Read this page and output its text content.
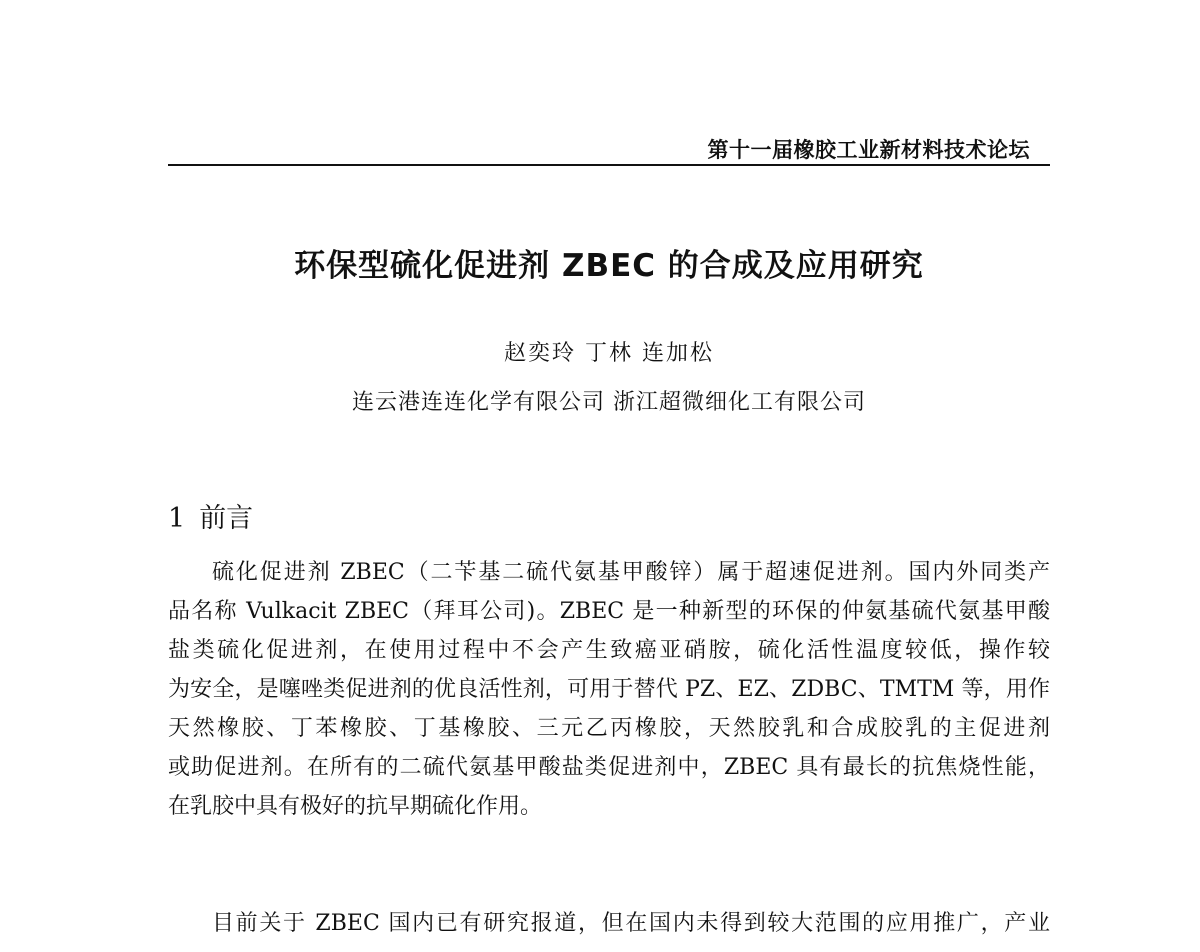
第十一届橡胶工业新材料技术论坛
环保型硫化促进剂 ZBEC 的合成及应用研究
赵奕玲 丁林 连加松
连云港连连化学有限公司 浙江超微细化工有限公司
1 前言

硫化促进剂 ZBEC（二苄基二硫代氨基甲酸锌）属于超速促进剂。国内外同类产
品名称 Vulkacit ZBEC（拜耳公司)。ZBEC 是一种新型的环保的仲氨基硫代氨基甲酸
盐类硫化促进剂，在使用过程中不会产生致癌亚硝胺，硫化活性温度较低，操作较
为安全，是噻唑类促进剂的优良活性剂，可用于替代 PZ、EZ、ZDBC、TMTM 等，用作
天然橡胶、丁苯橡胶、丁基橡胶、三元乙丙橡胶，天然胶乳和合成胶乳的主促进剂
或助促进剂。在所有的二硫代氨基甲酸盐类促进剂中，ZBEC 具有最长的抗焦烧性能，
在乳胶中具有极好的抗早期硫化作用。

目前关于 ZBEC 国内已有研究报道，但在国内未得到较大范围的应用推广，产业
